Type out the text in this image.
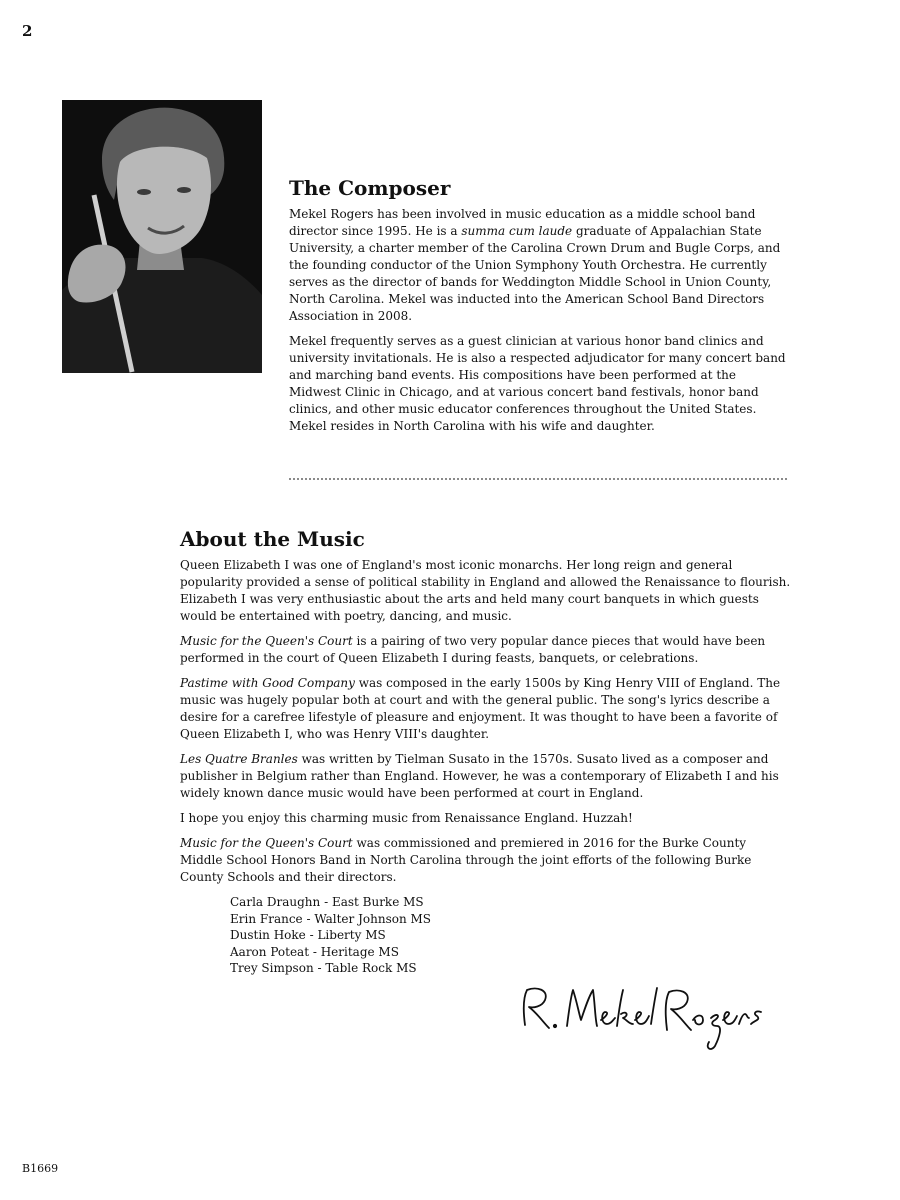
2
The Composer

Mekel Rogers has been involved in music education as a middle school band director since 1995. He is a summa cum laude graduate of Appalachian State University, a charter member of the Carolina Crown Drum and Bugle Corps, and the founding conductor of the Union Symphony Youth Orchestra. He currently serves as the director of bands for Weddington Middle School in Union County, North Carolina. Mekel was inducted into the American School Band Directors Association in 2008.

Mekel frequently serves as a guest clinician at various honor band clinics and university invitationals. He is also a respected adjudicator for many concert band and marching band events. His compositions have been performed at the Midwest Clinic in Chicago, and at various concert band festivals, honor band clinics, and other music educator conferences throughout the United States. Mekel resides in North Carolina with his wife and daughter.

About the Music

Queen Elizabeth I was one of England's most iconic monarchs. Her long reign and general popularity provided a sense of political stability in England and allowed the Renaissance to flourish. Elizabeth I was very enthusiastic about the arts and held many court banquets in which guests would be entertained with poetry, dancing, and music.

Music for the Queen's Court is a pairing of two very popular dance pieces that would have been performed in the court of Queen Elizabeth I during feasts, banquets, or celebrations.

Pastime with Good Company was composed in the early 1500s by King Henry VIII of England. The music was hugely popular both at court and with the general public. The song's lyrics describe a desire for a carefree lifestyle of pleasure and enjoyment. It was thought to have been a favorite of Queen Elizabeth I, who was Henry VIII's daughter.

Les Quatre Branles was written by Tielman Susato in the 1570s. Susato lived as a composer and publisher in Belgium rather than England. However, he was a contemporary of Elizabeth I and his widely known dance music would have been performed at court in England.

I hope you enjoy this charming music from Renaissance England. Huzzah!

Music for the Queen's Court was commissioned and premiered in 2016 for the Burke County Middle School Honors Band in North Carolina through the joint efforts of the following Burke County Schools and their directors.

Carla Draughn - East Burke MS
Erin France - Walter Johnson MS
Dustin Hoke - Liberty MS
Aaron Poteat - Heritage MS
Trey Simpson - Table Rock MS
B1669
